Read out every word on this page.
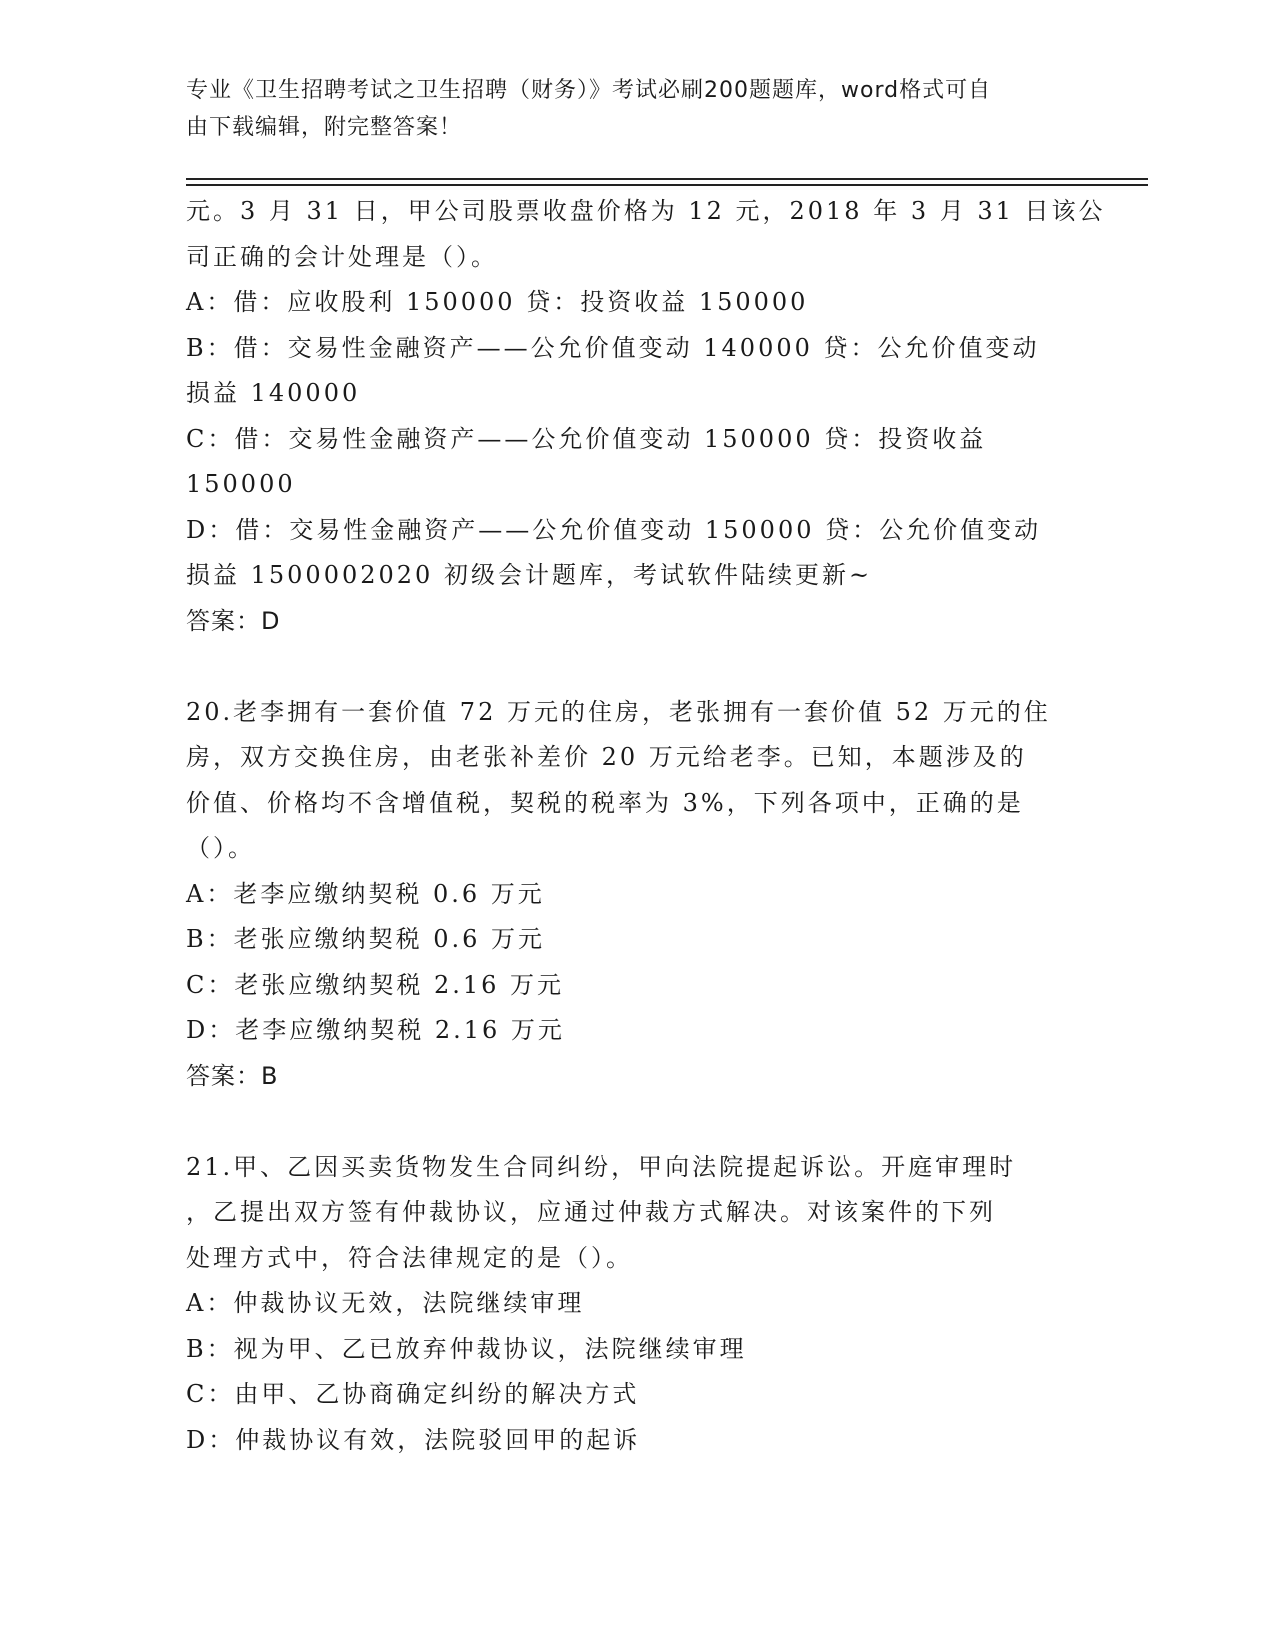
专业《卫生招聘考试之卫生招聘（财务）》考试必刷200题题库，word格式可自
由下载编辑，附完整答案！
元。3 月 31 日，甲公司股票收盘价格为 12 元，2018 年 3 月 31 日该公
司正确的会计处理是（）。
A：借：应收股利 150000 贷：投资收益 150000
B：借：交易性金融资产——公允价值变动 140000 贷：公允价值变动
损益 140000
C：借：交易性金融资产——公允价值变动 150000 贷：投资收益
150000
D：借：交易性金融资产——公允价值变动 150000 贷：公允价值变动
损益 1500002020 初级会计题库，考试软件陆续更新~
答案：D
20.老李拥有一套价值 72 万元的住房，老张拥有一套价值 52 万元的住
房，双方交换住房，由老张补差价 20 万元给老李。已知，本题涉及的
价值、价格均不含增值税，契税的税率为 3%，下列各项中，正确的是
（）。
A：老李应缴纳契税 0.6 万元
B：老张应缴纳契税 0.6 万元
C：老张应缴纳契税 2.16 万元
D：老李应缴纳契税 2.16 万元
答案：B
21.甲、乙因买卖货物发生合同纠纷，甲向法院提起诉讼。开庭审理时
，乙提出双方签有仲裁协议，应通过仲裁方式解决。对该案件的下列
处理方式中，符合法律规定的是（）。
A：仲裁协议无效，法院继续审理
B：视为甲、乙已放弃仲裁协议，法院继续审理
C：由甲、乙协商确定纠纷的解决方式
D：仲裁协议有效，法院驳回甲的起诉
